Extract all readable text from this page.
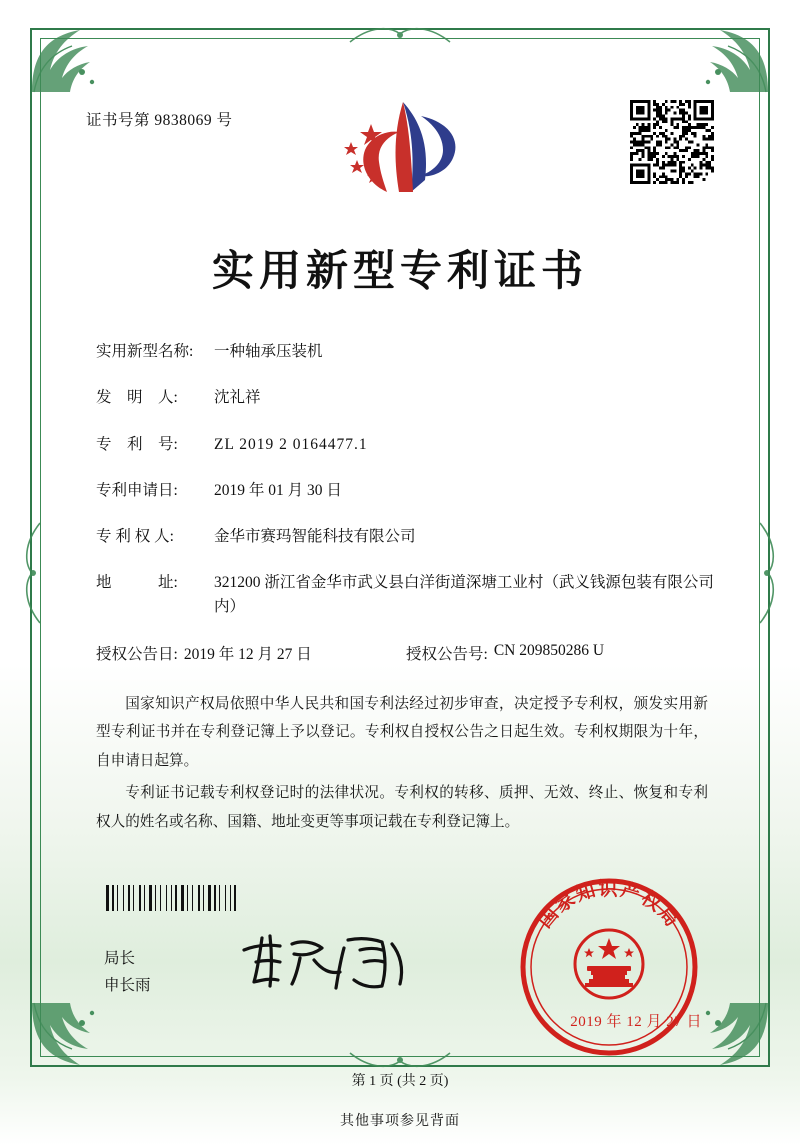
证书号第 9838069 号
实用新型专利证书
实用新型名称:	一种轴承压装机
发　明　人:	沈礼祥
专　利　号:	ZL 2019 2 0164477.1
专利申请日:	2019 年 01 月 30 日
专 利 权 人:	金华市赛玛智能科技有限公司
地　　　址:	321200 浙江省金华市武义县白洋街道深塘工业村（武义钱源包装有限公司内）
授权公告日: 2019 年 12 月 27 日	授权公告号: CN 209850286 U

国家知识产权局依照中华人民共和国专利法经过初步审查，决定授予专利权，颁发实用新型专利证书并在专利登记簿上予以登记。专利权自授权公告之日起生效。专利权期限为十年，自申请日起算。

专利证书记载专利权登记时的法律状况。专利权的转移、质押、无效、终止、恢复和专利权人的姓名或名称、国籍、地址变更等事项记载在专利登记簿上。

局长
申长雨
国家知识产权局
2019 年 12 月 27 日
第 1 页 (共 2 页)
其他事项参见背面
